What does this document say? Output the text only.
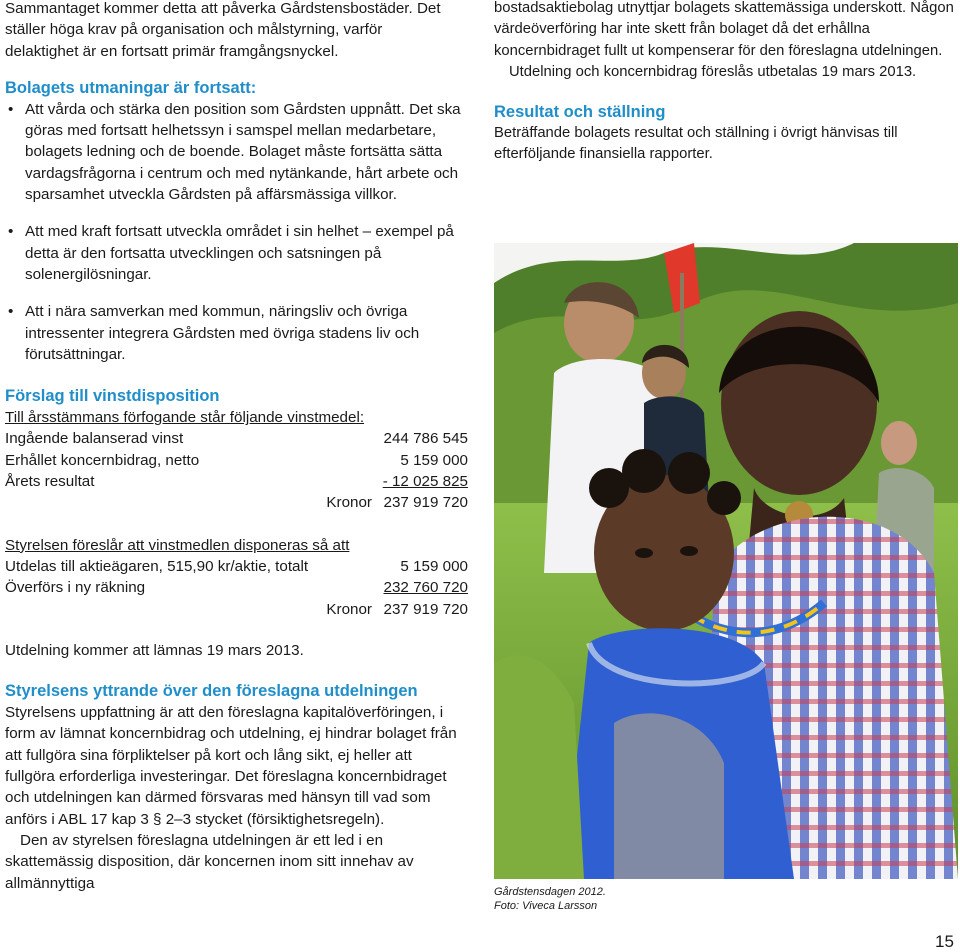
Sammantaget kommer detta att påverka Gårdstensbostäder. Det ställer höga krav på organisation och målstyrning, varför delaktighet är en fortsatt primär framgångsnyckel.

Bolagets utmaningar är fortsatt:
• Att vårda och stärka den position som Gårdsten uppnått. Det ska göras med fortsatt helhetssyn i samspel mellan medarbetare, bolagets ledning och de boende. Bolaget måste fortsätta sätta vardagsfrågorna i centrum och med nytänkande, hårt arbete och sparsamhet utveckla Gårdsten på affärsmässiga villkor.
• Att med kraft fortsatt utveckla området i sin helhet – exempel på detta är den fortsatta utvecklingen och satsningen på solenergilösningar.
• Att i nära samverkan med kommun, näringsliv och övriga intressenter integrera Gårdsten med övriga stadens liv och förutsättningar.
Förslag till vinstdisposition
Till årsstämmans förfogande står följande vinstmedel:
Ingående balanserad vinst	244 786 545
Erhållet koncernbidrag, netto	5 159 000
Årets resultat	- 12 025 825
Kronor 237 919 720
Styrelsen föreslår att vinstmedlen disponeras så att
Utdelas till aktieägaren, 515,90 kr/aktie, totalt	5 159 000
Överförs i ny räkning	232 760 720
Kronor 237 919 720

Utdelning kommer att lämnas 19 mars 2013.

Styrelsens yttrande över den föreslagna utdelningen

Styrelsens uppfattning är att den föreslagna kapitalöverföringen, i form av lämnat koncernbidrag och utdelning, ej hindrar bolaget från att fullgöra sina förpliktelser på kort och lång sikt, ej heller att fullgöra erforderliga investeringar. Det föreslagna koncernbidraget och utdelningen kan därmed försvaras med hänsyn till vad som anförs i ABL 17 kap 3 § 2–3 stycket (försiktighetsregeln).

Den av styrelsen föreslagna utdelningen är ett led i en skattemässig disposition, där koncernen inom sitt innehav av allmännyttiga

bostadsaktiebolag utnyttjar bolagets skattemässiga underskott. Någon värdeöverföring har inte skett från bolaget då det erhållna koncernbidraget fullt ut kompenserar för den föreslagna utdelningen.

Utdelning och koncernbidrag föreslås utbetalas 19 mars 2013.

Resultat och ställning

Beträffande bolagets resultat och ställning i övrigt hänvisas till efterföljande finansiella rapporter.

Gårdstensdagen 2012.
Foto: Viveca Larsson
15
